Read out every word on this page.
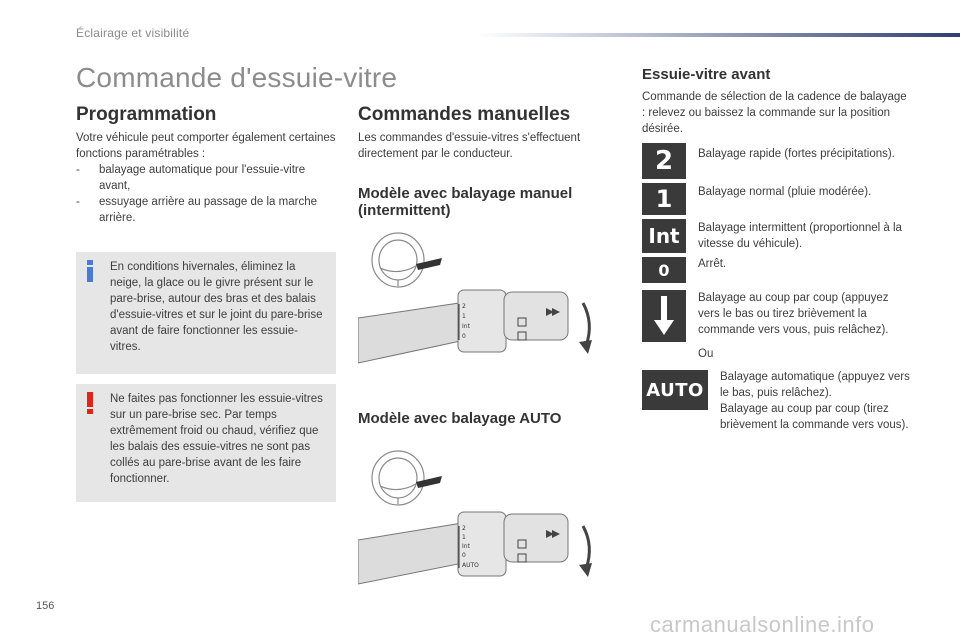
Éclairage et visibilité
Commande d'essuie-vitre
Programmation

Votre véhicule peut comporter également certaines fonctions paramétrables :

- balayage automatique pour l'essuie-vitre avant,
- essuyage arrière au passage de la marche arrière.
En conditions hivernales, éliminez la neige, la glace ou le givre présent sur le pare-brise, autour des bras et des balais d'essuie-vitres et sur le joint du pare-brise avant de faire fonctionner les essuie-vitres.
Ne faites pas fonctionner les essuie-vitres sur un pare-brise sec. Par temps extrêmement froid ou chaud, vérifiez que les balais des essuie-vitres ne sont pas collés au pare-brise avant de les faire fonctionner.
Commandes manuelles

Les commandes d'essuie-vitres s'effectuent directement par le conducteur.

Modèle avec balayage manuel (intermittent)
2
1
Int
0
Modèle avec balayage AUTO
2
1
Int
0
AUTO
Essuie-vitre avant

Commande de sélection de la cadence de balayage : relevez ou baissez la commande sur la position désirée.

2	Balayage rapide (fortes précipitations).
1	Balayage normal (pluie modérée).
Int	Balayage intermittent (proportionnel à la vitesse du véhicule).
0	Arrêt.
Balayage au coup par coup (appuyez vers le bas ou tirez brièvement la commande vers vous, puis relâchez).
Ou
AUTO
Balayage automatique (appuyez vers le bas, puis relâchez).
Balayage au coup par coup (tirez brièvement la commande vers vous).
156
carmanualsonline.info
